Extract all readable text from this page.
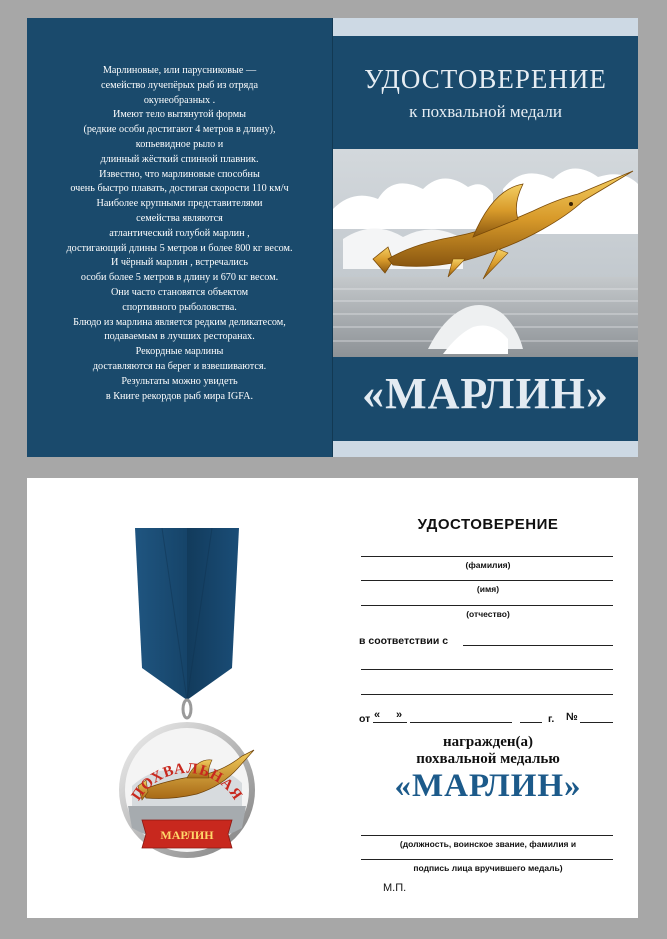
Марлиновые, или парусниковые —
семейство лучепёрых рыб из отряда
окунеобразных .
Имеют тело вытянутой формы
(редкие особи достигают 4 метров в длину),
копьевидное рыло и
длинный жёсткий спинной плавник.
Известно, что марлиновые способны
очень быстро плавать, достигая скорости 110 км/ч
Наиболее крупными представителями
семейства являются
атлантический голубой марлин ,
достигающий длины 5 метров и более 800 кг весом.
И чёрный марлин , встречались
особи более 5 метров в длину и 670 кг весом.
Они часто становятся объектом
спортивного рыболовства.
Блюдо из марлина является редким деликатесом,
подаваемым в лучших ресторанах.
Рекордные марлины
доставляются на берег и взвешиваются.
Результаты можно увидеть
в Книге рекордов рыб мира IGFA.
УДОСТОВЕРЕНИЕ
к похвальной медали
«МАРЛИН»
ПОХВАЛЬНАЯ
МАРЛИН
УДОСТОВЕРЕНИЕ
(фамилия)
(имя)
(отчество)
в соответствии с
от « »	г. №
награжден(а)
похвальной медалью
«МАРЛИН»
(должность, воинское звание, фамилия и
подпись лица вручившего медаль)
М.П.
